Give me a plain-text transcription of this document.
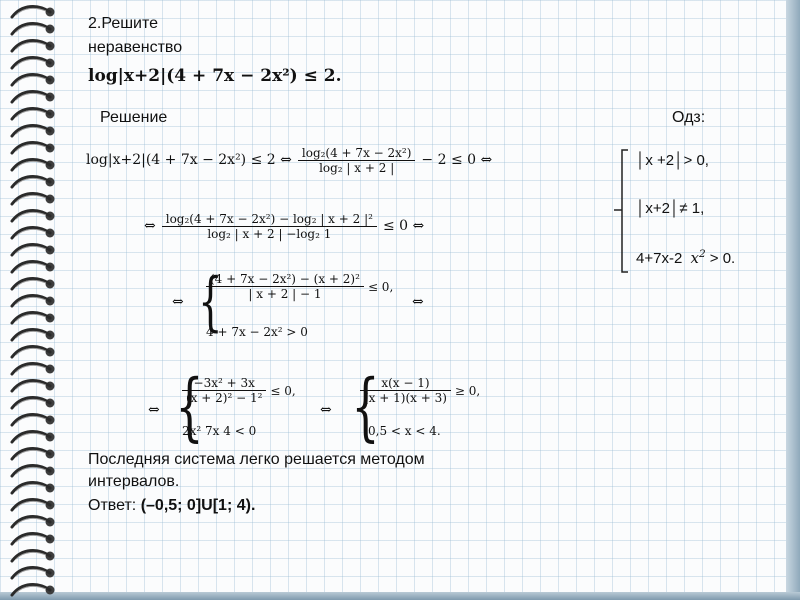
2.Решите
неравенство
log|x+2|(4 + 7x − 2x²) ≤ 2.
Решение	Одз:
log|x+2|(4 + 7x − 2x²) ≤ 2 ⇔ $\frac{\text{log₂(4 + 7x − 2x²)}}{\text{log₂ | x + 2 |}} - 2 \le 0$ ⇔
⇔ $\frac{\text{log₂(4 + 7x − 2x²) − log₂ | x + 2 |²}}{\text{log₂ | x + 2 | −log₂ 1}} \le 0$ ⇔
⇔ {
$\frac{\text{(4 + 7x − 2x²) − (x + 2)²}}{| x + 2 | - 1} \le 0$,
4 + 7x − 2x² > 0
⇔
⇔ {
$\frac{\text{−3x² + 3x}}{\text{(x + 2)² − 1²}} \le 0$,
2x² 7x 4 < 0
⇔ {
$\frac{x(x - 1)}{(x + 1)(x + 3)} \ge 0$,
0,5 < x < 4.
│x +2│> 0,
│x+2│≠ 1,
4+7x-2 $x^2 > 0$.
Последняя система легко решается методом
интервалов.
Ответ: (–0,5; 0]U[1; 4).
